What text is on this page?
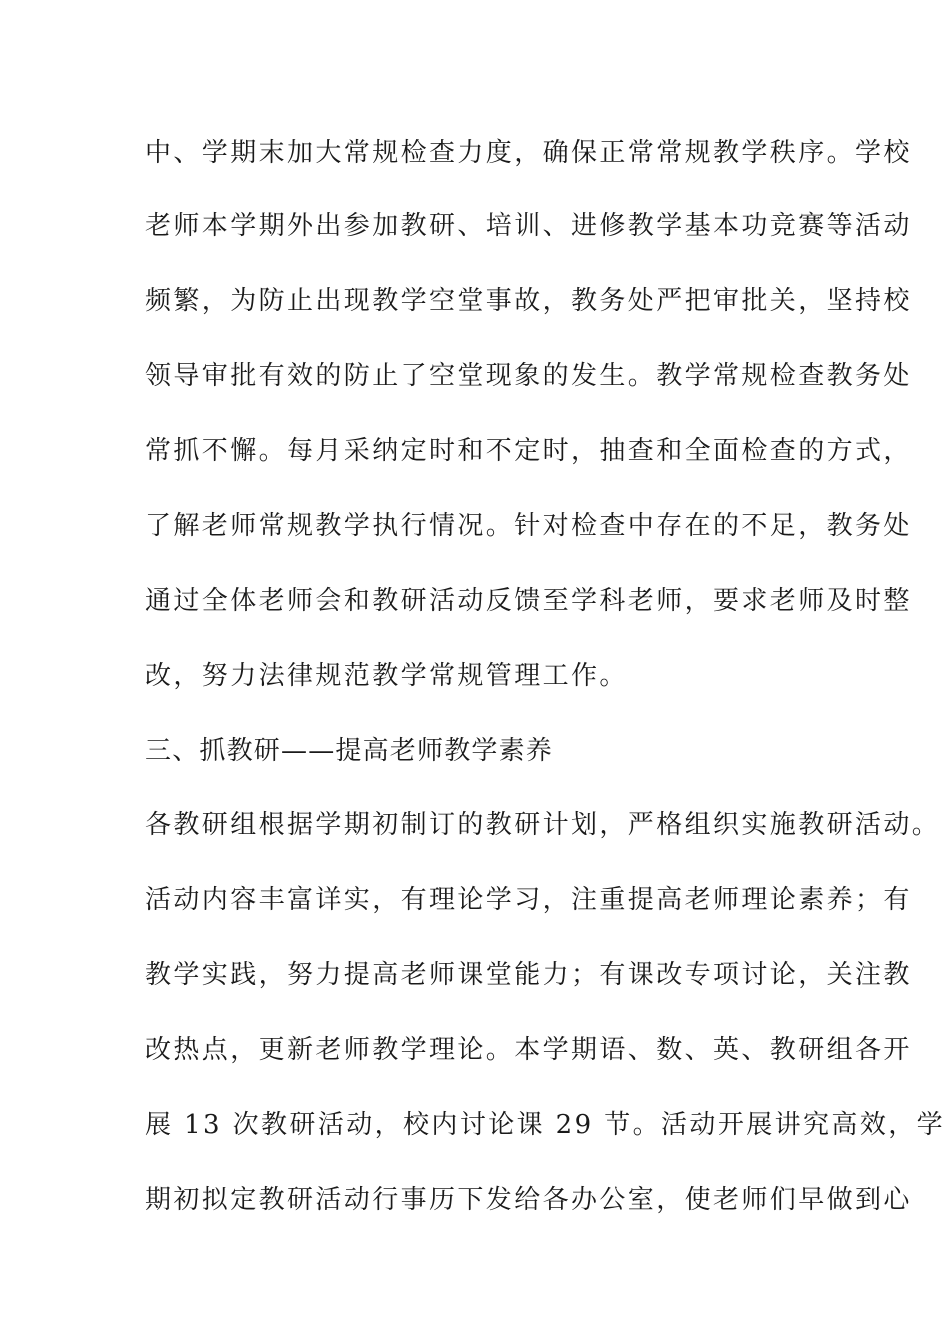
中、学期末加大常规检查力度，确保正常常规教学秩序。学校
老师本学期外出参加教研、培训、进修教学基本功竞赛等活动
频繁，为防止出现教学空堂事故，教务处严把审批关，坚持校
领导审批有效的防止了空堂现象的发生。教学常规检查教务处
常抓不懈。每月采纳定时和不定时，抽查和全面检查的方式，
了解老师常规教学执行情况。针对检查中存在的不足，教务处
通过全体老师会和教研活动反馈至学科老师，要求老师及时整
改，努力法律规范教学常规管理工作。
三、抓教研——提高老师教学素养
各教研组根据学期初制订的教研计划，严格组织实施教研活动。
活动内容丰富详实，有理论学习，注重提高老师理论素养；有
教学实践，努力提高老师课堂能力；有课改专项讨论，关注教
改热点，更新老师教学理论。本学期语、数、英、教研组各开
展 13 次教研活动，校内讨论课 29 节。活动开展讲究高效，学
期初拟定教研活动行事历下发给各办公室，使老师们早做到心
